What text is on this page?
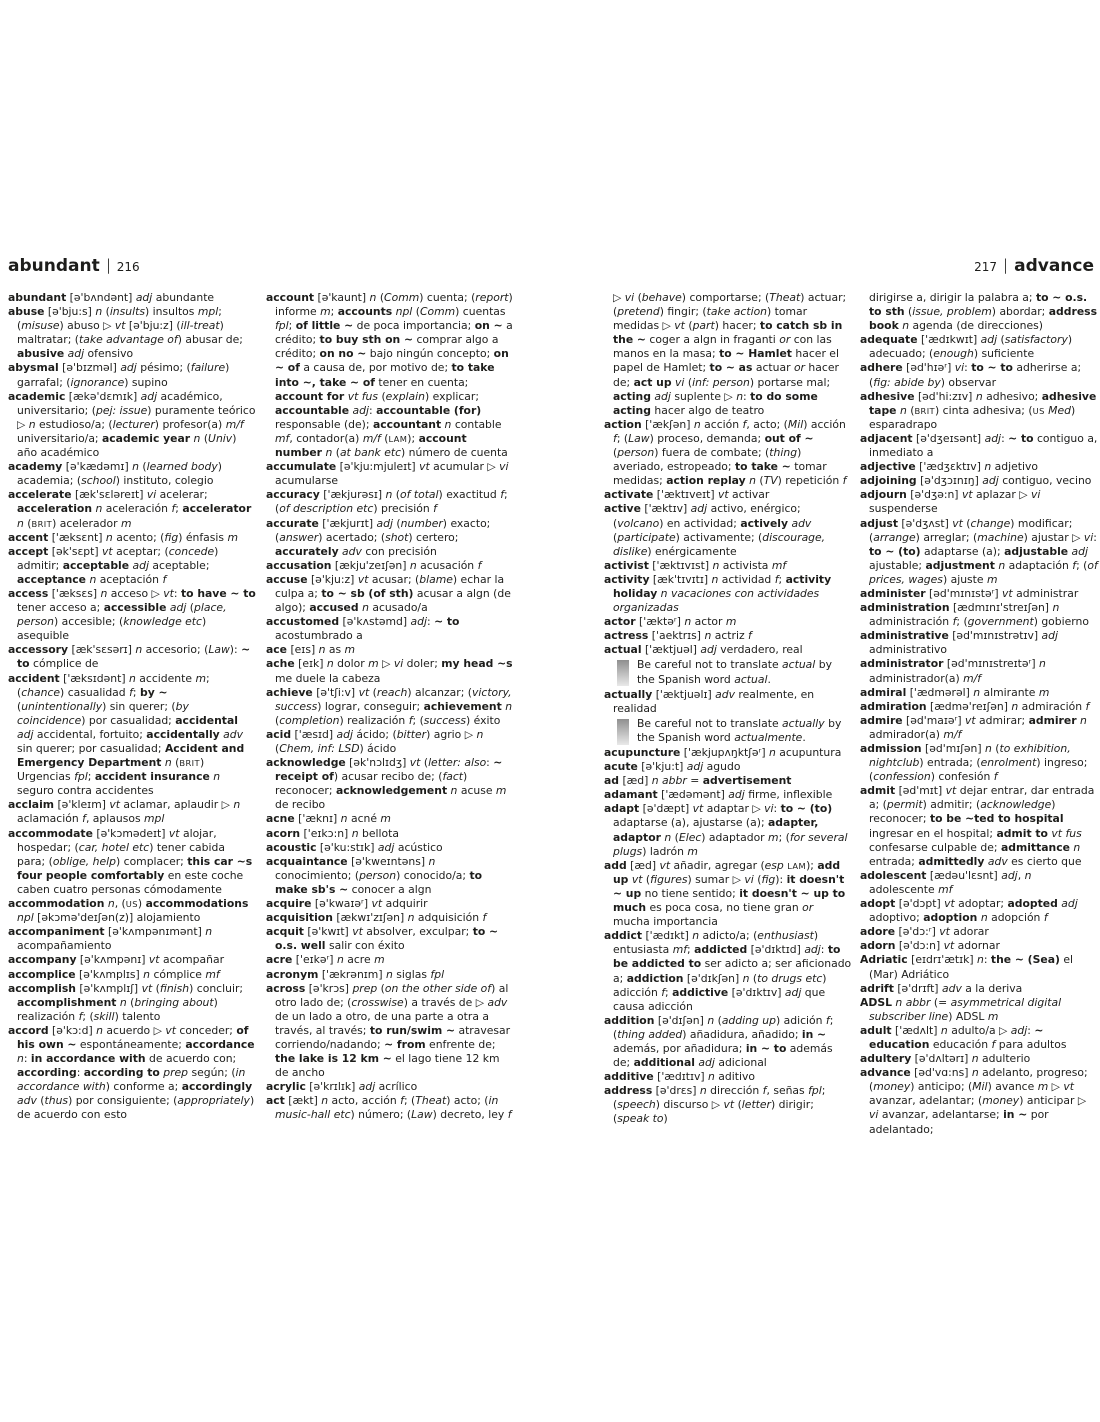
abundant | 216	217 | advance

abundant [ə'bʌndənt] adj abundante

abuse [ə'bju:s] n (insults) insultos mpl; (misuse) abuso ▷ vt [ə'bju:z] (ill-treat) maltratar; (take advantage of) abusar de; abusive adj ofensivo

abysmal [ə'bɪzməl] adj pésimo; (failure) garrafal; (ignorance) supino

academic [ækə'dɛmɪk] adj académico, universitario; (pej: issue) puramente teórico ▷ n estudioso/a; (lecturer) profesor(a) m/f universitario/a; academic year n (Univ) año académico

academy [ə'kædəmɪ] n (learned body) academia; (school) instituto, colegio

accelerate [æk'sɛləreɪt] vi acelerar; acceleration n aceleración f; accelerator n (BRIT) acelerador m

accent ['æksɛnt] n acento; (fig) énfasis m

accept [ək'sɛpt] vt aceptar; (concede) admitir; acceptable adj aceptable; acceptance n aceptación f

access ['æksɛs] n acceso ▷ vt: to have ~ to tener acceso a; accessible adj (place, person) accesible; (knowledge etc) asequible

accessory [æk'sɛsərɪ] n accesorio; (Law): ~ to cómplice de

accident ['æksɪdənt] n accidente m; (chance) casualidad f; by ~ (unintentionally) sin querer; (by coincidence) por casualidad; accidental adj accidental, fortuito; accidentally adv sin querer; por casualidad; Accident and Emergency Department n (BRIT) Urgencias fpl; accident insurance n seguro contra accidentes

acclaim [ə'kleɪm] vt aclamar, aplaudir ▷ n aclamación f, aplausos mpl

accommodate [ə'kɔmədeɪt] vt alojar, hospedar; (car, hotel etc) tener cabida para; (oblige, help) complacer; this car ~s four people comfortably en este coche caben cuatro personas cómodamente

accommodation n, (US) accommodations npl [əkɔmə'deɪʃən(z)] alojamiento

accompaniment [ə'kʌmpənɪmənt] n acompañamiento

accompany [ə'kʌmpənɪ] vt acompañar

accomplice [ə'kʌmplɪs] n cómplice mf

accomplish [ə'kʌmplɪʃ] vt (finish) concluir; accomplishment n (bringing about) realización f; (skill) talento

accord [ə'kɔ:d] n acuerdo ▷ vt conceder; of his own ~ espontáneamente; accordance n: in accordance with de acuerdo con; according: according to prep según; (in accordance with) conforme a; accordingly adv (thus) por consiguiente; (appropriately) de acuerdo con esto

account [ə'kaunt] n (Comm) cuenta; (report) informe m; accounts npl (Comm) cuentas fpl; of little ~ de poca importancia; on ~ a crédito; to buy sth on ~ comprar algo a crédito; on no ~ bajo ningún concepto; on ~ of a causa de, por motivo de; to take into ~, take ~ of tener en cuenta; account for vt fus (explain) explicar; accountable adj: accountable (for) responsable (de); accountant n contable mf, contador(a) m/f (LAM); account number n (at bank etc) número de cuenta

accumulate [ə'kju:mjuleɪt] vt acumular ▷ vi acumularse

accuracy ['ækjurəsɪ] n (of total) exactitud f; (of description etc) precisión f

accurate ['ækjurɪt] adj (number) exacto; (answer) acertado; (shot) certero; accurately adv con precisión

accusation [ækju'zeɪʃən] n acusación f

accuse [ə'kju:z] vt acusar; (blame) echar la culpa a; to ~ sb (of sth) acusar a algn (de algo); accused n acusado/a

accustomed [ə'kʌstəmd] adj: ~ to acostumbrado a

ace [eɪs] n as m

ache [eɪk] n dolor m ▷ vi doler; my head ~s me duele la cabeza

achieve [ə'tʃi:v] vt (reach) alcanzar; (victory, success) lograr, conseguir; achievement n (completion) realización f; (success) éxito

acid ['æsɪd] adj ácido; (bitter) agrio ▷ n (Chem, inf: LSD) ácido

acknowledge [ək'nɔlɪdʒ] vt (letter: also: ~ receipt of) acusar recibo de; (fact) reconocer; acknowledgement n acuse m de recibo

acne ['æknɪ] n acné m

acorn ['eɪkɔ:n] n bellota

acoustic [ə'ku:stɪk] adj acústico

acquaintance [ə'kweɪntəns] n conocimiento; (person) conocido/a; to make sb's ~ conocer a algn

acquire [ə'kwaɪəʳ] vt adquirir

acquisition [ækwɪ'zɪʃən] n adquisición f

acquit [ə'kwɪt] vt absolver, exculpar; to ~ o.s. well salir con éxito

acre ['eɪkəʳ] n acre m

acronym ['ækrənɪm] n siglas fpl

across [ə'krɔs] prep (on the other side of) al otro lado de; (crosswise) a través de ▷ adv de un lado a otro, de una parte a otra a través, al través; to run/swim ~ atravesar corriendo/nadando; ~ from enfrente de; the lake is 12 km ~ el lago tiene 12 km de ancho

acrylic [ə'krɪlɪk] adj acrílico

act [ækt] n acto, acción f; (Theat) acto; (in music-hall etc) número; (Law) decreto, ley f

▷ vi (behave) comportarse; (Theat) actuar; (pretend) fingir; (take action) tomar medidas ▷ vt (part) hacer; to catch sb in the ~ coger a algn in fraganti or con las manos en la masa; to ~ Hamlet hacer el papel de Hamlet; to ~ as actuar or hacer de; act up vi (inf: person) portarse mal; acting adj suplente ▷ n: to do some acting hacer algo de teatro

action ['ækʃən] n acción f, acto; (Mil) acción f; (Law) proceso, demanda; out of ~ (person) fuera de combate; (thing) averiado, estropeado; to take ~ tomar medidas; action replay n (TV) repetición f

activate ['æktɪveɪt] vt activar

active ['æktɪv] adj activo, enérgico; (volcano) en actividad; actively adv (participate) activamente; (discourage, dislike) enérgicamente

activist ['æktɪvɪst] n activista mf

activity [æk'tɪvɪtɪ] n actividad f; activity holiday n vacaciones con actividades organizadas

actor ['æktəʳ] n actor m

actress ['aektrɪs] n actriz f

actual ['æktjuəl] adj verdadero, real

Be careful not to translate actual by the Spanish word actual.

actually ['æktjuəlɪ] adv realmente, en realidad

Be careful not to translate actually by the Spanish word actualmente.

acupuncture ['ækjupʌŋktʃəʳ] n acupuntura

acute [ə'kju:t] adj agudo

ad [æd] n abbr = advertisement

adamant ['ædəmənt] adj firme, inflexible

adapt [ə'dæpt] vt adaptar ▷ vi: to ~ (to) adaptarse (a), ajustarse (a); adapter, adaptor n (Elec) adaptador m; (for several plugs) ladrón m

add [æd] vt añadir, agregar (esp LAM); add up vt (figures) sumar ▷ vi (fig): it doesn't ~ up no tiene sentido; it doesn't ~ up to much es poca cosa, no tiene gran or mucha importancia

addict ['ædɪkt] n adicto/a; (enthusiast) entusiasta mf; addicted [ə'dɪktɪd] adj: to be addicted to ser adicto a; ser aficionado a; addiction [ə'dɪkʃən] n (to drugs etc) adicción f; addictive [ə'dɪktɪv] adj que causa adicción

addition [ə'dɪʃən] n (adding up) adición f; (thing added) añadidura, añadido; in ~ además, por añadidura; in ~ to además de; additional adj adicional

additive ['ædɪtɪv] n aditivo

address [ə'drɛs] n dirección f, señas fpl; (speech) discurso ▷ vt (letter) dirigir; (speak to)

dirigirse a, dirigir la palabra a; to ~ o.s. to sth (issue, problem) abordar; address book n agenda (de direcciones)

adequate ['ædɪkwɪt] adj (satisfactory) adecuado; (enough) suficiente

adhere [əd'hɪəʳ] vi: to ~ to adherirse a; (fig: abide by) observar

adhesive [əd'hi:zɪv] n adhesivo; adhesive tape n (BRIT) cinta adhesiva; (US Med) esparadrapo

adjacent [ə'dʒeɪsənt] adj: ~ to contiguo a, inmediato a

adjective ['ædʒɛktɪv] n adjetivo

adjoining [ə'dʒɔɪnɪŋ] adj contiguo, vecino

adjourn [ə'dʒə:n] vt aplazar ▷ vi suspenderse

adjust [ə'dʒʌst] vt (change) modificar; (arrange) arreglar; (machine) ajustar ▷ vi: to ~ (to) adaptarse (a); adjustable adj ajustable; adjustment n adaptación f; (of prices, wages) ajuste m

administer [əd'mɪnɪstəʳ] vt administrar

administration [ædmɪnɪ'streɪʃən] n administración f; (government) gobierno

administrative [əd'mɪnɪstrətɪv] adj administrativo

administrator [əd'mɪnɪstreɪtəʳ] n administrador(a) m/f

admiral ['ædmərəl] n almirante m

admiration [ædmə'reɪʃən] n admiración f

admire [əd'maɪəʳ] vt admirar; admirer n admirador(a) m/f

admission [əd'mɪʃən] n (to exhibition, nightclub) entrada; (enrolment) ingreso; (confession) confesión f

admit [əd'mɪt] vt dejar entrar, dar entrada a; (permit) admitir; (acknowledge) reconocer; to be ~ted to hospital ingresar en el hospital; admit to vt fus confesarse culpable de; admittance n entrada; admittedly adv es cierto que

adolescent [ædəu'lɛsnt] adj, n adolescente mf

adopt [ə'dɔpt] vt adoptar; adopted adj adoptivo; adoption n adopción f

adore [ə'dɔ:ʳ] vt adorar

adorn [ə'dɔ:n] vt adornar

Adriatic [eɪdrɪ'ætɪk] n: the ~ (Sea) el (Mar) Adriático

adrift [ə'drɪft] adv a la deriva

ADSL n abbr (= asymmetrical digital subscriber line) ADSL m

adult ['ædʌlt] n adulto/a ▷ adj: ~ education educación f para adultos

adultery [ə'dʌltərɪ] n adulterio

advance [əd'vɑ:ns] n adelanto, progreso; (money) anticipo; (Mil) avance m ▷ vt avanzar, adelantar; (money) anticipar ▷ vi avanzar, adelantarse; in ~ por adelantado;
